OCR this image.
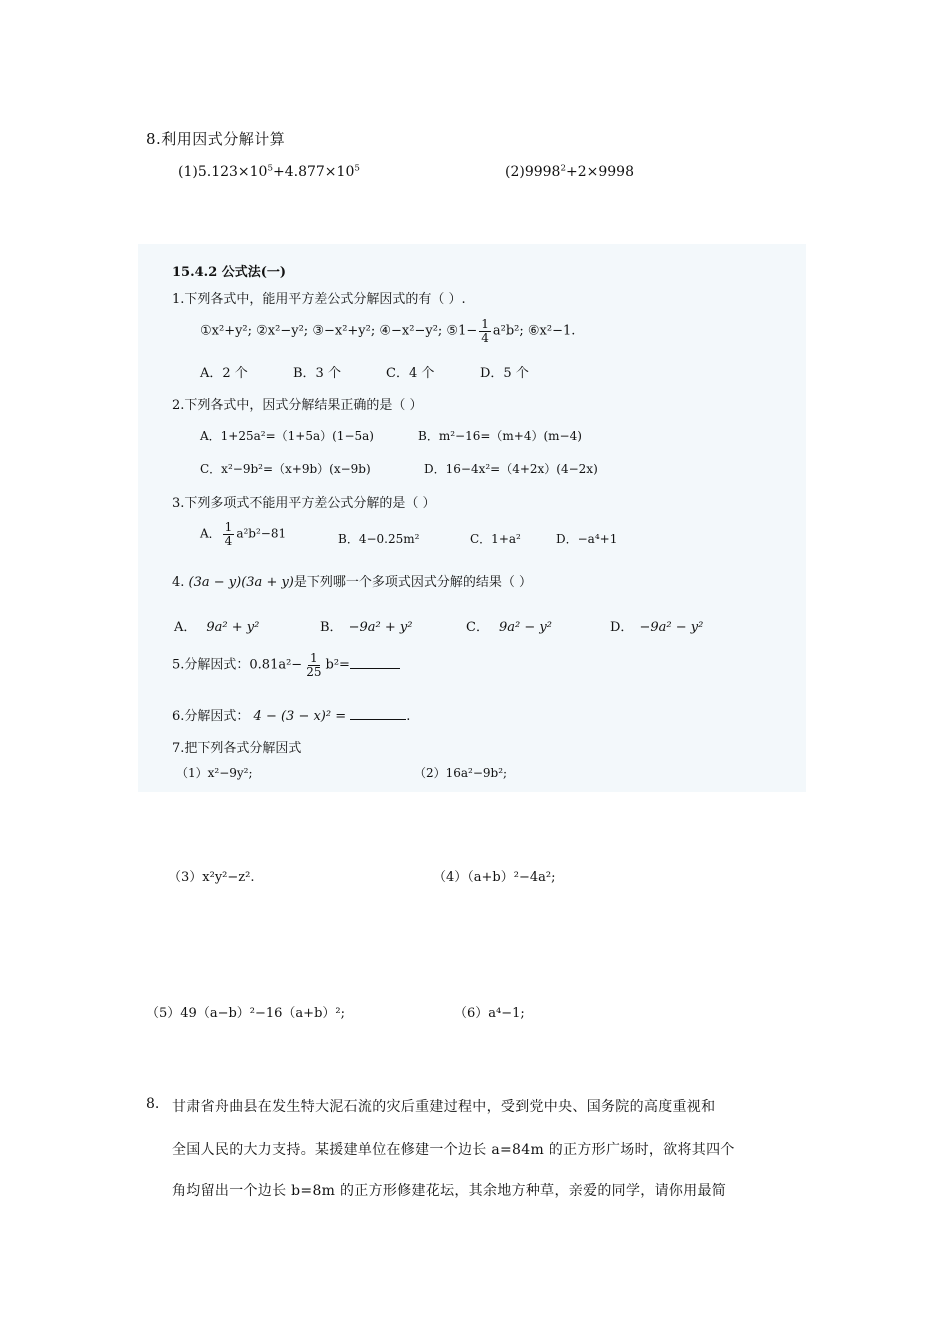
8.利用因式分解计算
$(1)5.123\times 10^5+4.877\times 10^5$	$(2)9998^2+2\times 9998$
15.4.2 公式法(一)
1.下列各式中，能用平方差公式分解因式的有（ ）.
①x²+y²; ②x²−y²; ③−x²+y²; ④−x²−y²; ⑤1− $\frac{1}{4} a^2b^2$; ⑥x²−1.
A．2 个	B．3 个	C．4 个	D．5 个
2.下列各式中，因式分解结果正确的是（ ）
A．1+25a²=（1+5a）(1−5a)	B．m²−16=（m+4）(m−4)
C．x²−9b²=（x+9b）(x−9b)	D．16−4x²=（4+2x）(4−2x)
3.下列多项式不能用平方差公式分解的是（ ）
A． $\frac{1}{4} a^2b^2-81$	B．4−0.25m²	C．1+a²	D．−a⁴+1
4. (3a − y)(3a + y)是下列哪一个多项式因式分解的结果（ ）
A． 9a² + y²	B． −9a² + y²	C． 9a² − y²	D． −9a² − y²
5.分解因式：$0.81a^2- \frac{1}{25} b^2=$
6.分解因式： 4 − (3 − x)² =	.
7.把下列各式分解因式
（1）x²−9y²;	（2）16a²−9b²;
（3）x²y²−z².	（4）（a+b）²−4a²;
（5）49（a−b）²−16（a+b）²;	（6）a⁴−1;
8. 甘肃省舟曲县在发生特大泥石流的灾后重建过程中，受到党中央、国务院的高度重视和
全国人民的大力支持。某援建单位在修建一个边长 a=84m 的正方形广场时，欲将其四个
角均留出一个边长 b=8m 的正方形修建花坛，其余地方种草，亲爱的同学，请你用最简
